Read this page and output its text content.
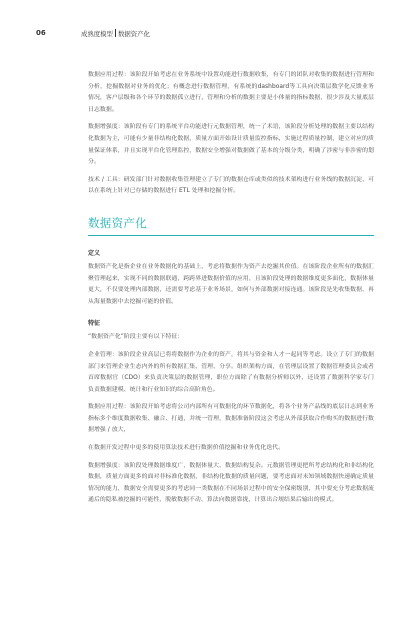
06	成熟度模型 数据资产化

数据应用过程：该阶段开始考虑在业务系统中设置功能进行数据收集，有专门的团队对收集的数据进行管理和分析，挖掘数据对业务的优化；有概念进行数据管理，有系统的dashboard等工具向决策层数学化反馈业务情况，客户层级和各个环节的数据孤立进行，管理和分析的数据主要是小体量的指标数据，很少涉及大量底层日志数据。

数据增强度：该阶段有专门的系统平台功能进行元数据管理，统一了术语，该阶段分析处理的数据主要以结构化数据为主，可能有少量非结构化数据，质量方面开始设计质量监控指标，实施过程质量控制，建立对应的质量保证体系，并且实现平台化管理监控，数据安全增强对数据做了基本的分级分类，明确了涉密与非涉密的划分。

技术 / 工具：研发部门针对数据收集管理建立了专门的数据仓库或类似的技术架构进行业务线的数据沉淀，可以在系统上针对已存储的数据进行 ETL 处理和挖掘分析。

数据资产化
定义

数据资产化是指企业在业务数据化的基础上，考虑将数据作为资产去挖掘其价值。在该阶段企业所有的数据汇聚管理起来，实现不同的数据联通，跨跨界进数据价值的应用，且该阶段处理的数据维度更多面化，数据体量更大，不仅要处理内部数据，还需要考虑基于业务场景，如何与外部数据对接连通。该阶段是先收集数据，再从海量数据中去挖掘可能的价值。

特征

“数据资产化”阶段主要有以下特征：

企业管理：该阶段企业高层已将将数据作为企业的资产，将其与资金和人才一起同等考虑。设立了专门的数据部门来管理企业生态内外的所有数据汇集、管理、分享。组织架构方面，在管理层设置了数据管理委员会或者首席数据官（CDO）来负责决策层的数据管理，职位方面除了有数据分析师以外，还设置了数据科学家专门负责数据建模、统计和行业知识的综合高阶角色。

数据应用过程：该阶段开始考虑将公司内部所有可数据化的环节数据化，将各个业务产品线的底层日志到业务指标多个维度数据收集、融合、打通，并统一管理，数据准备阶段这会考虑从外部获取合作购买的数据进行数据增强 / 放大，

在数据开发过程中更多的使用算法技术进行数据价值挖掘和业务优化迭代。

数据增强度：该阶段处理数据维度广，数据体量大，数据结构复杂。元数据管理更把所考虑结构化和非结构化数据，质量方面更多的面对非标准化数据，非结构化数据的质量问题，要考虑面对未知领域数据快速确定质量情况的能力，数据安全需要更多的考虑同一类数据在不同场景过程中的安全保密级别，其中要充分考虑数据流通后的隐私被挖掘的可能性，脱敏数据不动、算法向数据靠拢，计算出合规结果后输出的模式。
